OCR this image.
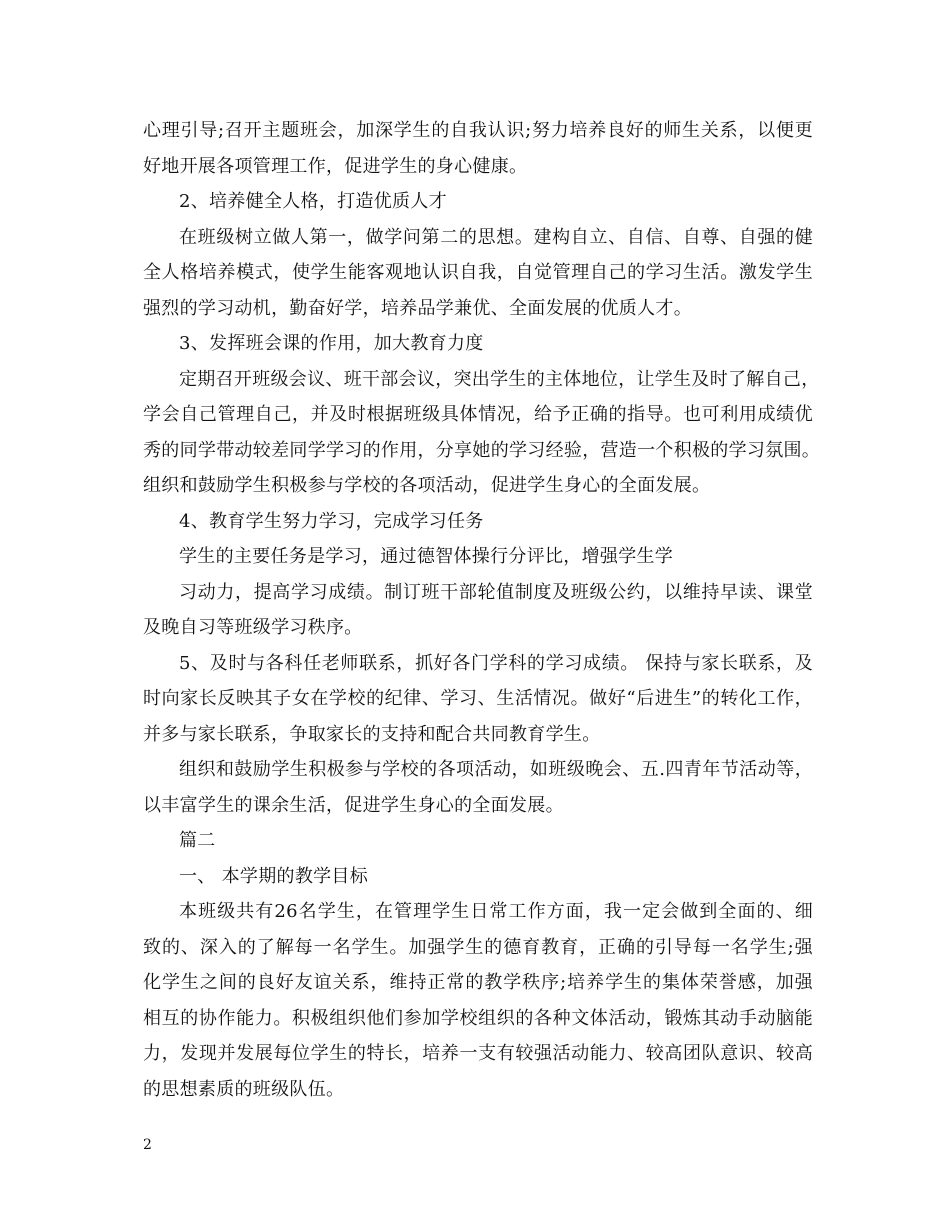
心理引导;召开主题班会，加深学生的自我认识;努力培养良好的师生关系，以便更
好地开展各项管理工作，促进学生的身心健康。
2、培养健全人格，打造优质人才
在班级树立做人第一，做学问第二的思想。建构自立、自信、自尊、自强的健
全人格培养模式，使学生能客观地认识自我，自觉管理自己的学习生活。激发学生
强烈的学习动机，勤奋好学，培养品学兼优、全面发展的优质人才。
3、发挥班会课的作用，加大教育力度
定期召开班级会议、班干部会议，突出学生的主体地位，让学生及时了解自己，
学会自己管理自己，并及时根据班级具体情况，给予正确的指导。也可利用成绩优
秀的同学带动较差同学学习的作用，分享她的学习经验，营造一个积极的学习氛围。
组织和鼓励学生积极参与学校的各项活动，促进学生身心的全面发展。
4、教育学生努力学习，完成学习任务
学生的主要任务是学习，通过德智体操行分评比，增强学生学
习动力，提高学习成绩。制订班干部轮值制度及班级公约，以维持早读、课堂
及晚自习等班级学习秩序。
5、及时与各科任老师联系，抓好各门学科的学习成绩。 保持与家长联系，及
时向家长反映其子女在学校的纪律、学习、生活情况。做好“后进生”的转化工作，
并多与家长联系，争取家长的支持和配合共同教育学生。
组织和鼓励学生积极参与学校的各项活动，如班级晚会、五.四青年节活动等，
以丰富学生的课余生活，促进学生身心的全面发展。
篇二
一、 本学期的教学目标
本班级共有26名学生，在管理学生日常工作方面，我一定会做到全面的、细
致的、深入的了解每一名学生。加强学生的德育教育，正确的引导每一名学生;强
化学生之间的良好友谊关系，维持正常的教学秩序;培养学生的集体荣誉感，加强
相互的协作能力。积极组织他们参加学校组织的各种文体活动，锻炼其动手动脑能
力，发现并发展每位学生的特长，培养一支有较强活动能力、较高团队意识、较高
的思想素质的班级队伍。
2
